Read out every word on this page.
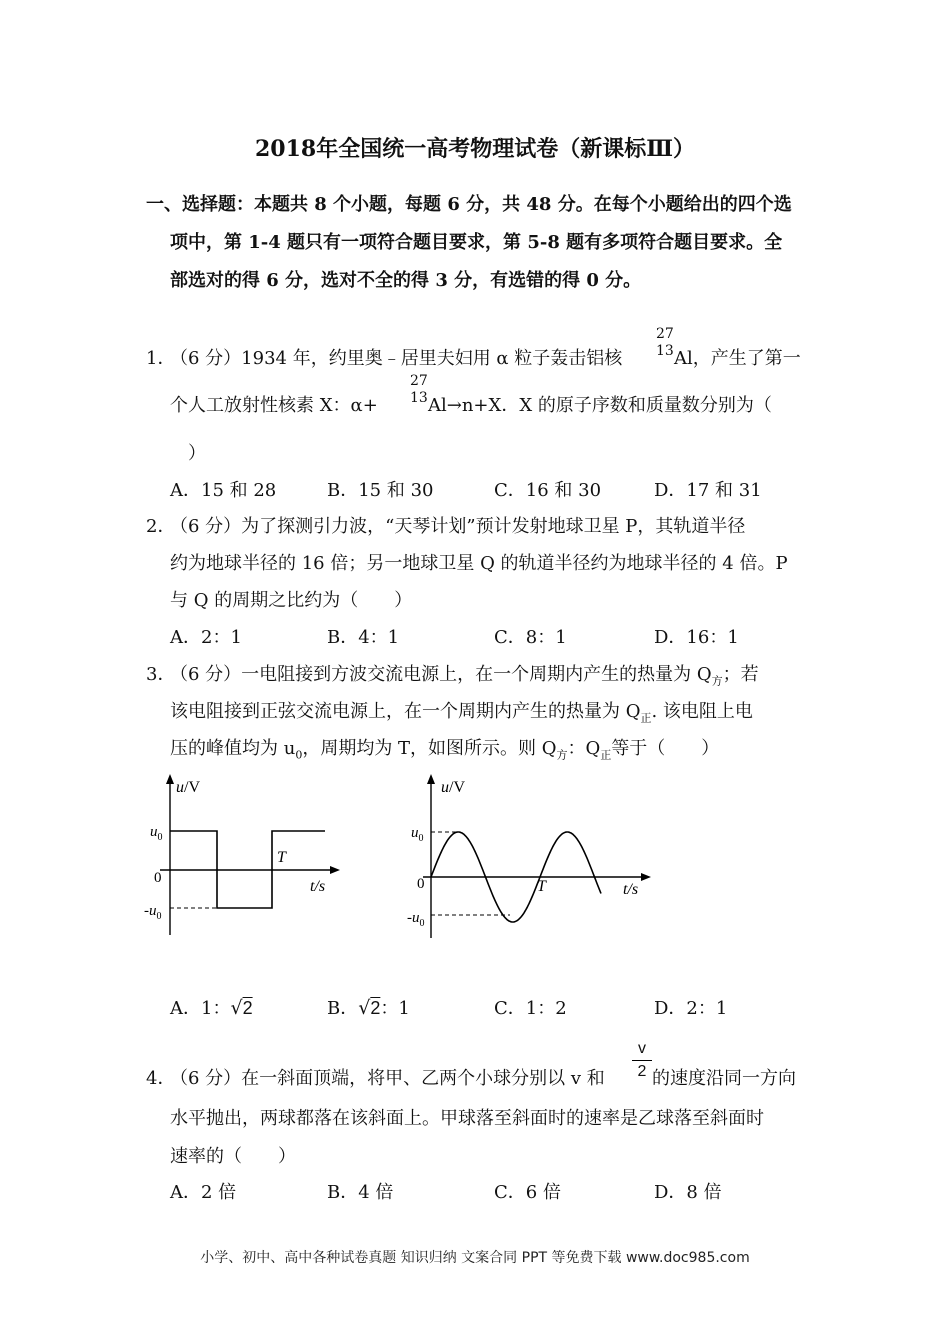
2018年全国统一高考物理试卷（新课标Ⅲ）
一、选择题：本题共 8 个小题，每题 6 分，共 48 分。在每个小题给出的四个选
项中，第 1-4 题只有一项符合题目要求，第 5-8 题有多项符合题目要求。全
部选对的得 6 分，选对不全的得 3 分，有选错的得 0 分。
1．
（6 分）1934 年，约里奥﹣居里夫妇用 α 粒子轰击铝核
27
13 Al，产生了第一
个人工放射性核素 X：α+
27
13 Al→n+X．X 的原子序数和质量数分别为（
）
A．15 和 28	B．15 和 30	C．16 和 30	D．17 和 31
2．
（6 分）为了探测引力波，“天琴计划”预计发射地球卫星 P，其轨道半径
约为地球半径的 16 倍；另一地球卫星 Q 的轨道半径约为地球半径的 4 倍。P
与 Q 的周期之比约为（　　）
A．2：1	B．4：1	C．8：1	D．16：1
3．
（6 分）一电阻接到方波交流电源上，在一个周期内产生的热量为 $Q_方$；若
该电阻接到正弦交流电源上，在一个周期内产生的热量为 $Q_正$. 该电阻上电
压的峰值均为 $u_0$，周期均为 T，如图所示。则 $Q_方$：$Q_正$等于（　　）
u/V
$u_0$
0
$-u_0$
T
t/s
u/V
$u_0$
0
$-u_0$
T	t/s
A．1：√2	B．√2：1	C．1：2	D．2：1
4．
（6 分）在一斜面顶端，将甲、乙两个小球分别以 v 和
v
2 的速度沿同一方向
水平抛出，两球都落在该斜面上。甲球落至斜面时的速率是乙球落至斜面时
速率的（　　）
A．2 倍	B．4 倍	C．6 倍	D．8 倍
小学、初中、高中各种试卷真题 知识归纳 文案合同 PPT 等免费下载 www.doc985.com
